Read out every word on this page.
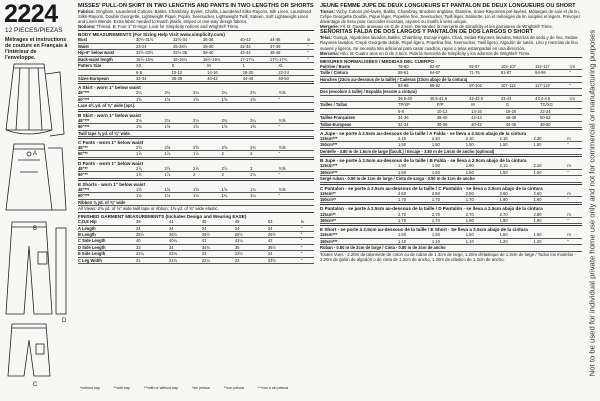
2224
12 PIECES/PIEZAS
Métrages et instructions de couture en Français à l'intérieur de l'enveloppe.
A
B
D
C
MISSES' PULL-ON SKIRT IN TWO LENGTHS AND PANTS IN TWO LENGTHS OR SHORTS

Fabrics: Gingham, Laundered Cottons, Batiks, Chambray, Eyelet, Challis, Laundered Silks-Rayons, Silk Linen, Laundered Silks-Rayons, Double Georgette, Lightweight Piqué, Poplin, Seersucker, Lightweight Twill, Sateen, Soft Lightweight Linen and Linen Blends. Extra fabric needed to match plaids, stripes or one-way design fabrics.

Notions: Thread. B: Four 1" D-rings. Look for Simplicity notions and Wrights® Trims.

BODY MEASUREMENTS (For Sizing Help Visit www.simplicity.com)
Bust	30½-31½	32½-34	36-38	40-42	44-46	in
Waist	23-24	25-26½	28-30	32-34	37-39	"
Hip-9" below waist	32½-33½	34½-36	38-40	42-44	46-48	"
Back-waist length	15½-15¾	16-16¼	16½-16¾	17-17¼	17½-17¾	"
Pattern Size	XS	S	M	L	XL
	6-8	10-12	14-16	18-20	22-24
Sizes-European	32-34	36-38	40-42	44-46	48-50
A Skirt - worn 1" below waist
45"***	2¼	2¼	2¼	2¼	2¾	Yds
60"***	1⅝	1⅝	1⅝	1⅝	1⅝	"
Lace 4¾ yd. of ⅝" wide (opt.).						
B Skirt - worn 1" below waist
45"***	2⅛	2⅛	2⅛	2¼	2¼	Yds
60"***	1⅝	1⅝	1⅝	1⅝	1⅝	"
Twill tape ⅝ yd. of ⅜" wide.						
C Pants - worn 1" below waist
45"**	2⅝	2⅝	2⅝	2⅝	2¾	Yds
60"**	1⅞	1⅞	1⅞	2	2	"
D Pants - worn 1" below waist
45"**	2⅞	2⅞	2⅞	2⅞	3	Yds
60"**	1⅞	1⅞	2	2	2⅛	"
E Shorts - worn 1" below waist
45"***	1⅝	1⅝	1⅝	1⅝	1¾	Yds
60"***	1⅛	1⅛	1⅛	1¼	1¼	"
Ribbon ⅜ yd. of ⅝" wide						

All Views: 2⅝ yd. of ⅝" wide twill tape or ribbon; 1⅜ yd. of ⅜" wide elastic.

FINISHED GARMENT MEASUREMENTS (Includes Design and Wearing EASE)
C,D,E Hip	39	41	45	49	53	in
A Length	24	24	24	24	24	"
B Length	26½	26½	26½	26½	26½	"
C Side Length	40	40¼	41	41¼	42	"
D Side Length	33	34	34¾	35	35½	"
E Side Length	22¼	22¼	23	23½	24	"
C Leg Width	21	21¾	22¼	23	23½	"
JEUNE FEMME JUPE DE DEUX LONGUEURS ET PANTALON DE DEUX LONGUEURS OU SHORT

Tissus: Vichy, Cotons pré-lavés, Batiks, Chambray, Broderie anglaise, Étamine, Soies-Rayonnes pré-lavées, Mélanges de soie et de lin, Crêpe Georgette Double, Piqué léger, Popeline fine, Seersucker, Twill léger, Satinette, Lin et mélanges de lin souples et légers. Prévoyez davantage de tissu pour raccorder écossais, rayures ou motifs à sens unique.

Mercerie: Fil. B: Quatre anneaux en D de 2.5cm. Demandez la mercerie de Simplicity et les garnitures de Wrights® Trims.

SEÑORITAS FALDA DE DOS LARGOS Y PANTALÓN DE DOS LARGOS O SHORT

Telas: Guinga, Algodones lavados, Batiks, Chambray, Encaje inglés, Chali, Sedas-Rayones lavados, Mezclas de seda y de lino, Sedas-Rayones lavados, Crepé Georgette doble, Piqué ligero, Popelina fina, Seersucker, Twill ligero, Algodón de satén, Lino y mezclas de lino suaves y ligeros. Se necesita tela adicional para casar cuadros, rayas o telas estampadas en una dirección.

Mercería: Hilo. B: Cuatro aros en D de 2.5cm. Pida la mercería de Simplicity y los adornos de Wrights® Trims.

MESURES NORMALISÉES / MEDIDAS DEL CUERPO
Poitrine / Busto	78-80	83-87	92-97	102-107	112-117	cm
Taille / Cintura	58-61	64-67	71-76	81-87	94-99	"
Hanches (23cm au-dessous de la taille) / Caderas (23cm abajo de la cintura)						
	83-85	88-92	97-102	107-112	117-122	"
Dos (encolure à taille) / Espalda (escote a cintura)						
	39.5-40	40.5-41.5	42-42.5	43-44	44.4-4.5	cm
Tailles / Tallas	TP/XP	P/P	M	G	TG/XG
	6-8	10-12	14-16	18-20	22-24
Tailles-Françaises	34-36	38-40	42-44	46-48	50-52
Tallas-Europeas	32-34	36-38	40-42	44-46	48-50
A Jupe - se porte à 2.5cm au-dessous de la taille / A Falda - se lleva a 2.5cm abajo de la cintura
115cm***	2.10	2.10	2.10	2.10	2.30	m
150cm***	1.50	1.50	1.50	1.50	1.50	"
Dentelle - 3.80 m de 1.6cm de large (facult.) / Encaje - 3.80 m de 1.6cm de ancho (optional)						
B Jupe - se porte à 2.5cm au-dessous de la taille / B Falda - se lleva a 2.5cm abajo de la cintura
115cm***	1.90	1.90	1.90	2.10	2.10	m
150cm***	1.50	1.50	1.50	1.50	1.50	"
Sergé ruban - 0.50 m de 1cm de large / Cinta de sarga - 0.50 m de 1cm de ancho						
C Pantalon - se porte à 2.5cm au-dessous de la taille / C Pantalón - se lleva a 2.5cm abajo de la cintura
115cm**	2.50	2.50	2.50	2.60	2.60	m
150cm**	1.70	1.70	1.70	1.90	1.90	"
D Pantalon - se porte à 2.5cm au-dessous de la taille / D Pantalón - se lleva a 2.5cm abajo de la cintura
115cm**	2.70	2.70	2.70	2.70	2.80	m
150cm**	1.70	1.70	1.80	1.80	1.90	"
E Short - se porte à 2.5cm au-dessous de la taille / E Short - Se lleva a 2.5cm abajo de la cintura
115cm***	1.50	1.50	1.50	1.50	1.60	m
150cm***	1.10	1.10	1.10	1.20	1.20	"
Ruban - 0.80 m de 2cm de large / Cinta - 0.80 m de 2cm de ancho						

Toutes Vues - 2.20m de talonnette de coton ou de ruban de 1.3cm de large, 1.20m d'élastique de 1.3cm de large / Todos los modelos - 2.20m de galón de algodón o de cinta de 1.3cm de ancho, 1.20m de elástico de 1.3cm de ancho.

*without nap	**with nap	***with or without nap	*sin pelusa	**con pelusa	***con o sin pelusa
Not to be used for individual private home use only and not for commercial or manufacturing purposes
